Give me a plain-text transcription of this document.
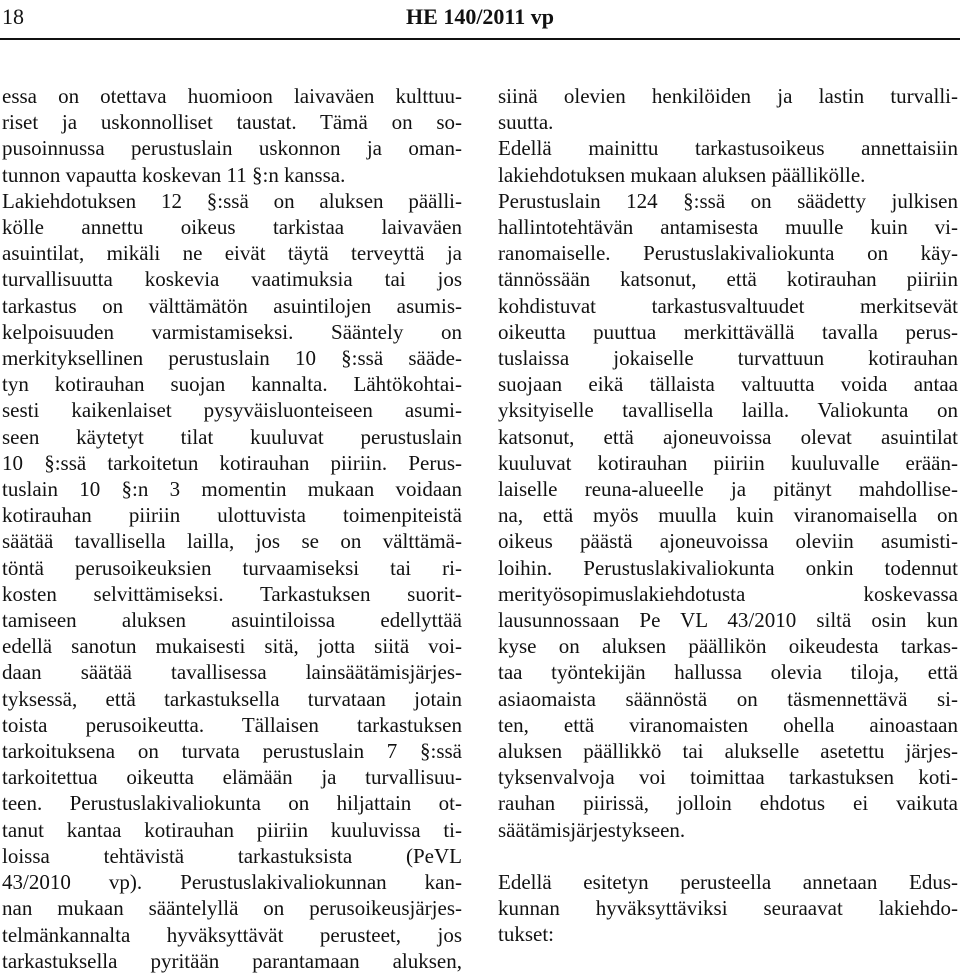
18	HE 140/2011 vp

essa on otettava huomioon laivaväen kulttuu-

riset ja uskonnolliset taustat. Tämä on so-

pusoinnussa perustuslain uskonnon ja oman-

tunnon vapautta koskevan 11 §:n kanssa.

Lakiehdotuksen 12 §:ssä on aluksen päälli-

kölle annettu oikeus tarkistaa laivaväen

asuintilat, mikäli ne eivät täytä terveyttä ja

turvallisuutta koskevia vaatimuksia tai jos

tarkastus on välttämätön asuintilojen asumis-

kelpoisuuden varmistamiseksi. Sääntely on

merkityksellinen perustuslain 10 §:ssä sääde-

tyn kotirauhan suojan kannalta. Lähtökohtai-

sesti kaikenlaiset pysyväisluonteiseen asumi-

seen käytetyt tilat kuuluvat perustuslain

10 §:ssä tarkoitetun kotirauhan piiriin. Perus-

tuslain 10 §:n 3 momentin mukaan voidaan

kotirauhan piiriin ulottuvista toimenpiteistä

säätää tavallisella lailla, jos se on välttämä-

töntä perusoikeuksien turvaamiseksi tai ri-

kosten selvittämiseksi. Tarkastuksen suorit-

tamiseen aluksen asuintiloissa edellyttää

edellä sanotun mukaisesti sitä, jotta siitä voi-

daan säätää tavallisessa lainsäätämisjärjes-

tyksessä, että tarkastuksella turvataan jotain

toista perusoikeutta. Tällaisen tarkastuksen

tarkoituksena on turvata perustuslain 7 §:ssä

tarkoitettua oikeutta elämään ja turvallisuu-

teen. Perustuslakivaliokunta on hiljattain ot-

tanut kantaa kotirauhan piiriin kuuluvissa ti-

loissa tehtävistä tarkastuksista (PeVL

43/2010 vp). Perustuslakivaliokunnan kan-

nan mukaan sääntelyllä on perusoikeusjärjes-

telmänkannalta hyväksyttävät perusteet, jos

tarkastuksella pyritään parantamaan aluksen,

siinä olevien henkilöiden ja lastin turvalli-

suutta.

Edellä mainittu tarkastusoikeus annettaisiin

lakiehdotuksen mukaan aluksen päällikölle.

Perustuslain 124 §:ssä on säädetty julkisen

hallintotehtävän antamisesta muulle kuin vi-

ranomaiselle. Perustuslakivaliokunta on käy-

tännössään katsonut, että kotirauhan piiriin

kohdistuvat tarkastusvaltuudet merkitsevät

oikeutta puuttua merkittävällä tavalla perus-

tuslaissa jokaiselle turvattuun kotirauhan

suojaan eikä tällaista valtuutta voida antaa

yksityiselle tavallisella lailla. Valiokunta on

katsonut, että ajoneuvoissa olevat asuintilat

kuuluvat kotirauhan piiriin kuuluvalle erään-

laiselle reuna-alueelle ja pitänyt mahdollise-

na, että myös muulla kuin viranomaisella on

oikeus päästä ajoneuvoissa oleviin asumisti-

loihin. Perustuslakivaliokunta onkin todennut

merityösopimuslakiehdotusta koskevassa

lausunnossaan Pe VL 43/2010 siltä osin kun

kyse on aluksen päällikön oikeudesta tarkas-

taa työntekijän hallussa olevia tiloja, että

asiaomaista säännöstä on täsmennettävä si-

ten, että viranomaisten ohella ainoastaan

aluksen päällikkö tai alukselle asetettu järjes-

tyksenvalvoja voi toimittaa tarkastuksen koti-

rauhan piirissä, jolloin ehdotus ei vaikuta

säätämisjärjestykseen.

Edellä esitetyn perusteella annetaan Edus-

kunnan hyväksyttäviksi seuraavat lakiehdo-

tukset:
